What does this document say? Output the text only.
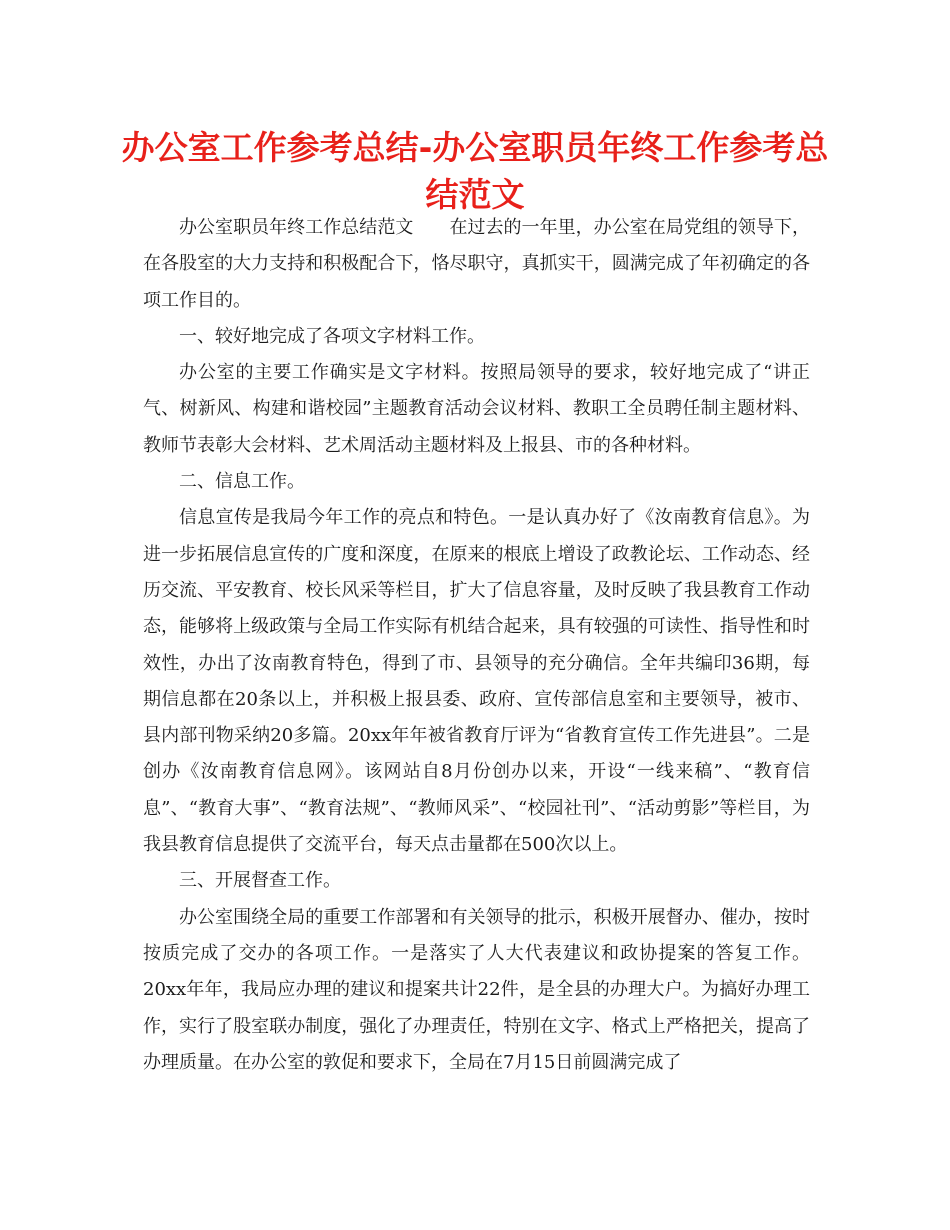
办公室工作参考总结-办公室职员年终工作参考总结范文

办公室职员年终工作总结范文　　在过去的一年里，办公室在局党组的领导下，在各股室的大力支持和积极配合下，恪尽职守，真抓实干，圆满完成了年初确定的各项工作目的。

一、较好地完成了各项文字材料工作。

办公室的主要工作确实是文字材料。按照局领导的要求，较好地完成了“讲正气、树新风、构建和谐校园”主题教育活动会议材料、教职工全员聘任制主题材料、教师节表彰大会材料、艺术周活动主题材料及上报县、市的各种材料。

二、信息工作。

信息宣传是我局今年工作的亮点和特色。一是认真办好了《汝南教育信息》。为进一步拓展信息宣传的广度和深度，在原来的根底上增设了政教论坛、工作动态、经历交流、平安教育、校长风采等栏目，扩大了信息容量，及时反映了我县教育工作动态，能够将上级政策与全局工作实际有机结合起来，具有较强的可读性、指导性和时效性，办出了汝南教育特色，得到了市、县领导的充分确信。全年共编印36期，每期信息都在20条以上，并积极上报县委、政府、宣传部信息室和主要领导，被市、县内部刊物采纳20多篇。20xx年年被省教育厅评为“省教育宣传工作先进县”。二是创办《汝南教育信息网》。该网站自8月份创办以来，开设“一线来稿”、“教育信息”、“教育大事”、“教育法规”、“教师风采”、“校园社刊”、“活动剪影”等栏目，为我县教育信息提供了交流平台，每天点击量都在500次以上。

三、开展督查工作。

办公室围绕全局的重要工作部署和有关领导的批示，积极开展督办、催办，按时按质完成了交办的各项工作。一是落实了人大代表建议和政协提案的答复工作。20xx年年，我局应办理的建议和提案共计22件，是全县的办理大户。为搞好办理工作，实行了股室联办制度，强化了办理责任，特别在文字、格式上严格把关，提高了办理质量。在办公室的敦促和要求下，全局在7月15日前圆满完成了
